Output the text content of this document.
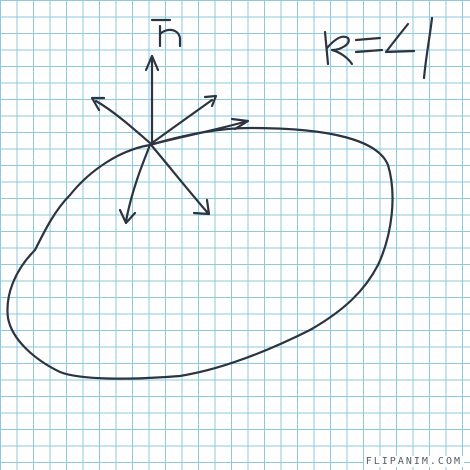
FLIPANIM.COM
